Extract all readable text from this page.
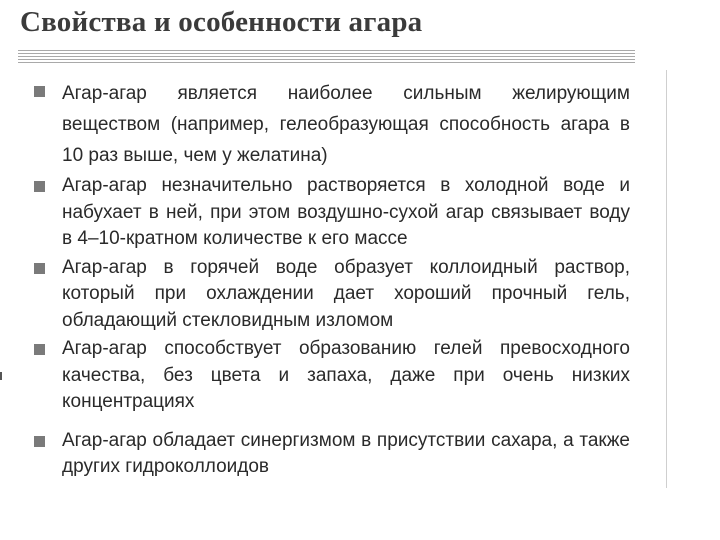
Свойства и особенности агара
Агар-агар является наиболее сильным желирующим веществом (например, гелеобразующая способность агара в 10 раз выше, чем у желатина)
Агар-агар незначительно растворяется в холодной воде и набухает в ней, при этом воздушно-сухой агар связывает воду в 4–10-кратном количестве к его массе
Агар-агар в горячей воде образует коллоидный раствор, который при охлаждении дает хороший прочный гель, обладающий стекловидным изломом
Агар-агар способствует образованию гелей превосходного качества, без цвета и запаха, даже при очень низких концентрациях
Агар-агар обладает синергизмом в присутствии сахара, а также других гидроколлоидов
